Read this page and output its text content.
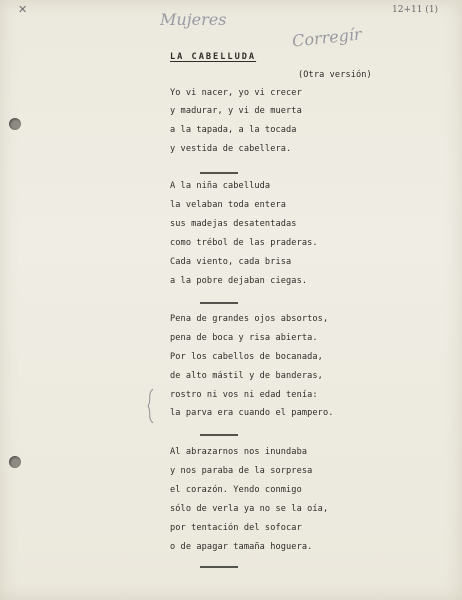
✕
Mujeres
Corregír
12+11 (1)
LA CABELLUDA
(Otra versión)
Yo vi nacer, yo vi crecer
y madurar, y vi de muerta
a la tapada, a la tocada
y vestida de cabellera.
A la niña cabelluda
la velaban toda entera
sus madejas desatentadas
como trébol de las praderas.
Cada viento, cada brisa
a la pobre dejaban ciegas.
Pena de grandes ojos absortos,
pena de boca y risa abierta.
Por los cabellos de bocanada,
de alto mástil y de banderas,
rostro ni vos ni edad tenía:
la parva era cuando el pampero.
Al abrazarnos nos inundaba
y nos paraba de la sorpresa
el corazón. Yendo conmigo
sólo de verla ya no se la oía,
por tentación del sofocar
o de apagar tamaña hoguera.
